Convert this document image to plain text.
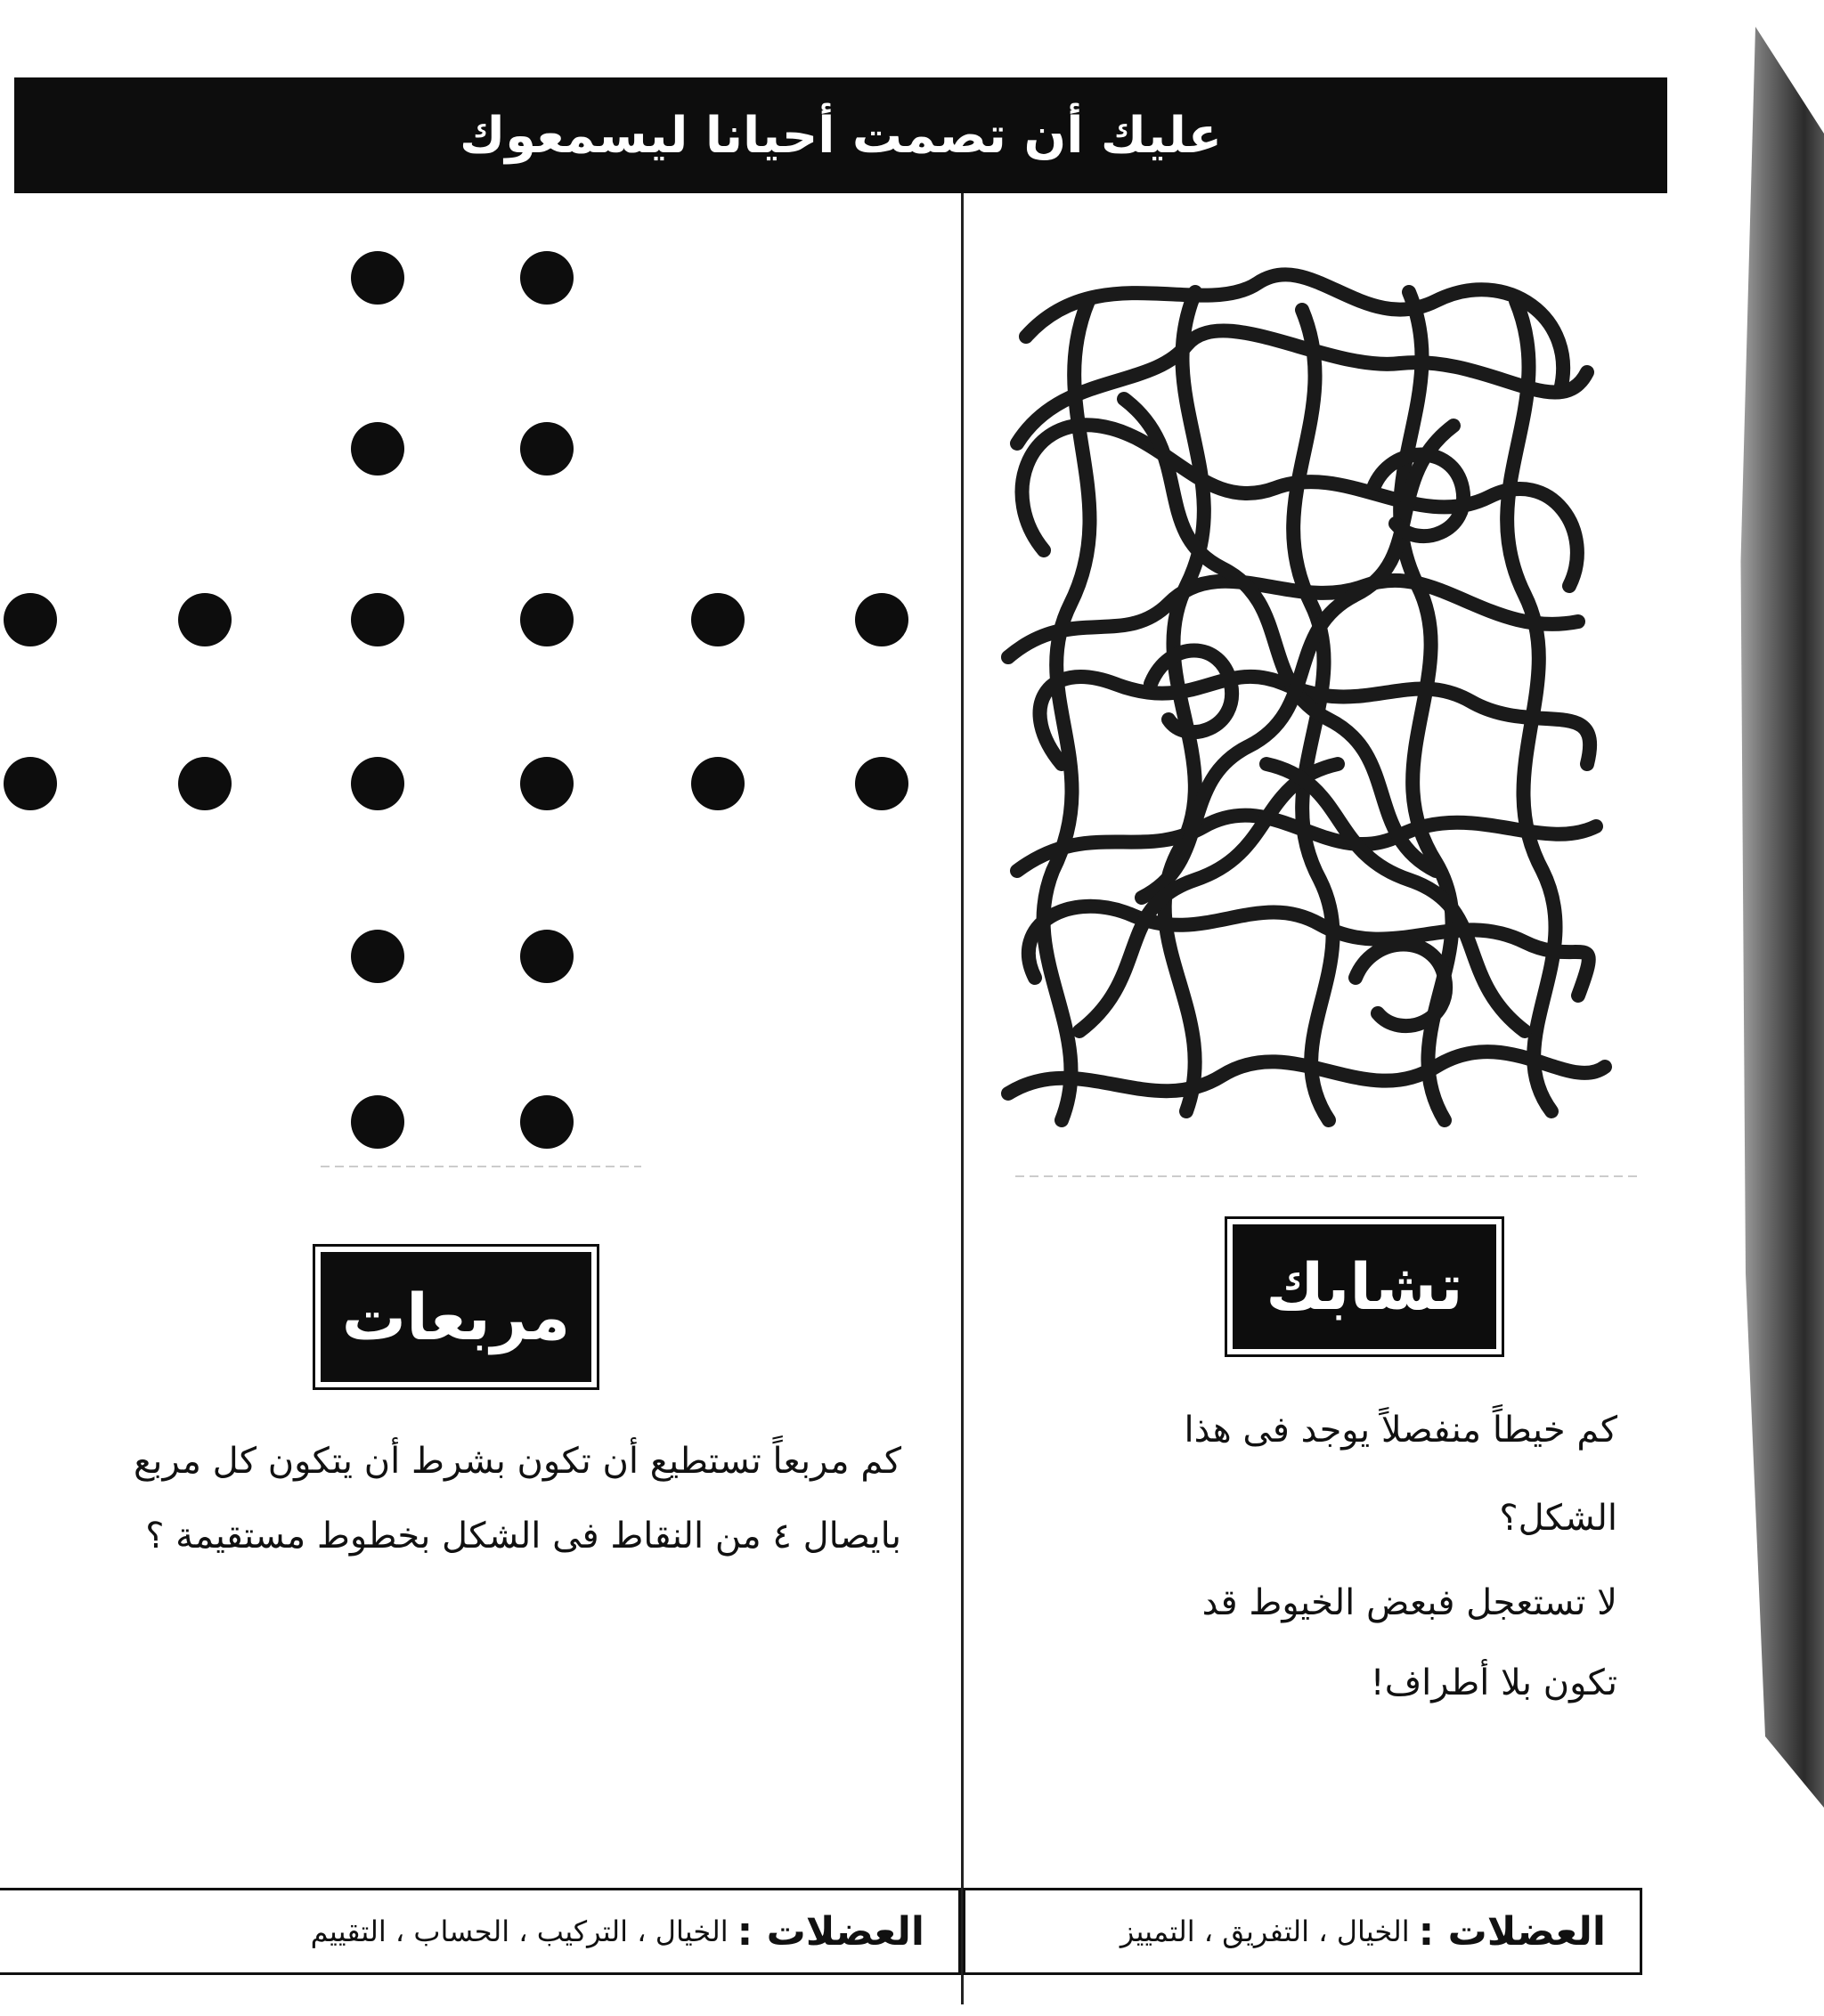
عليك أن تصمت أحيانا ليسمعوك
تشابك
مربعات
كم خيطاً منفصلاً يوجد فى هذا
الشكل؟
لا تستعجل فبعض الخيوط قد
تكون بلا أطراف!
كم مربعاً تستطيع أن تكون بشرط أن يتكون كل مربع
بايصال ٤ من النقاط فى الشكل بخطوط مستقيمة ؟
العضلات :
الخيال ، التفريق ، التمييز
العضلات :
الخيال ، التركيب ، الحساب ، التقييم
